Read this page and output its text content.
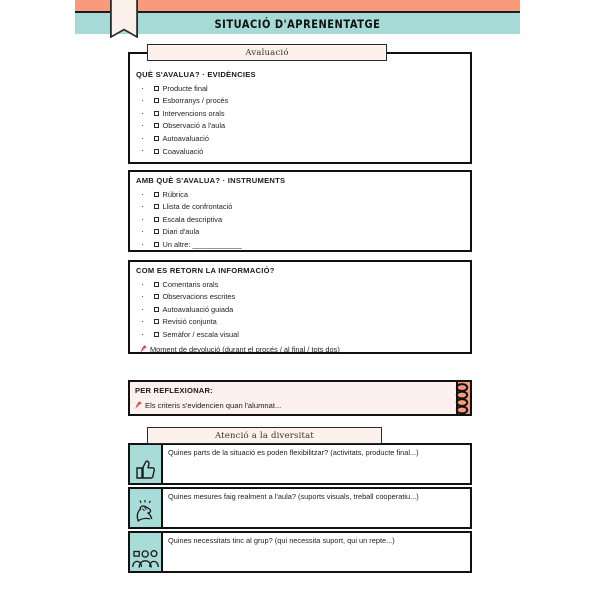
SITUACIÓ D'APRENENTATGE
Avaluació
QUÈ S'AVALUA? · EVIDÈNCIES
· Producte final
· Esborranys / procés
· Intervencions orals
· Observació a l'aula
· Autoavaluació
· Coavaluació
AMB QUÈ S'AVALUA? · INSTRUMENTS
· Rúbrica
· Llista de confrontació
· Escala descriptiva
· Diari d'aula
· Un altre: ____________
COM ES RETORN LA INFORMACIÓ?
· Comentaris orals
· Observacions escrites
· Autoavaluació guiada
· Revisió conjunta
· Semàfor / escala visual
Moment de devolució (durant el procés / al final / tots dos)
PER REFLEXIONAR:
Els criteris s'evidencien quan l'alumnat...
Atenció a la diversitat
Quines parts de la situació es poden flexibilitzar? (activitats, producte final...)
Quines mesures faig realment a l'aula? (suports visuals, treball cooperatiu...)
Quines necessitats tinc al grup? (qui necessita suport, qui un repte...)
